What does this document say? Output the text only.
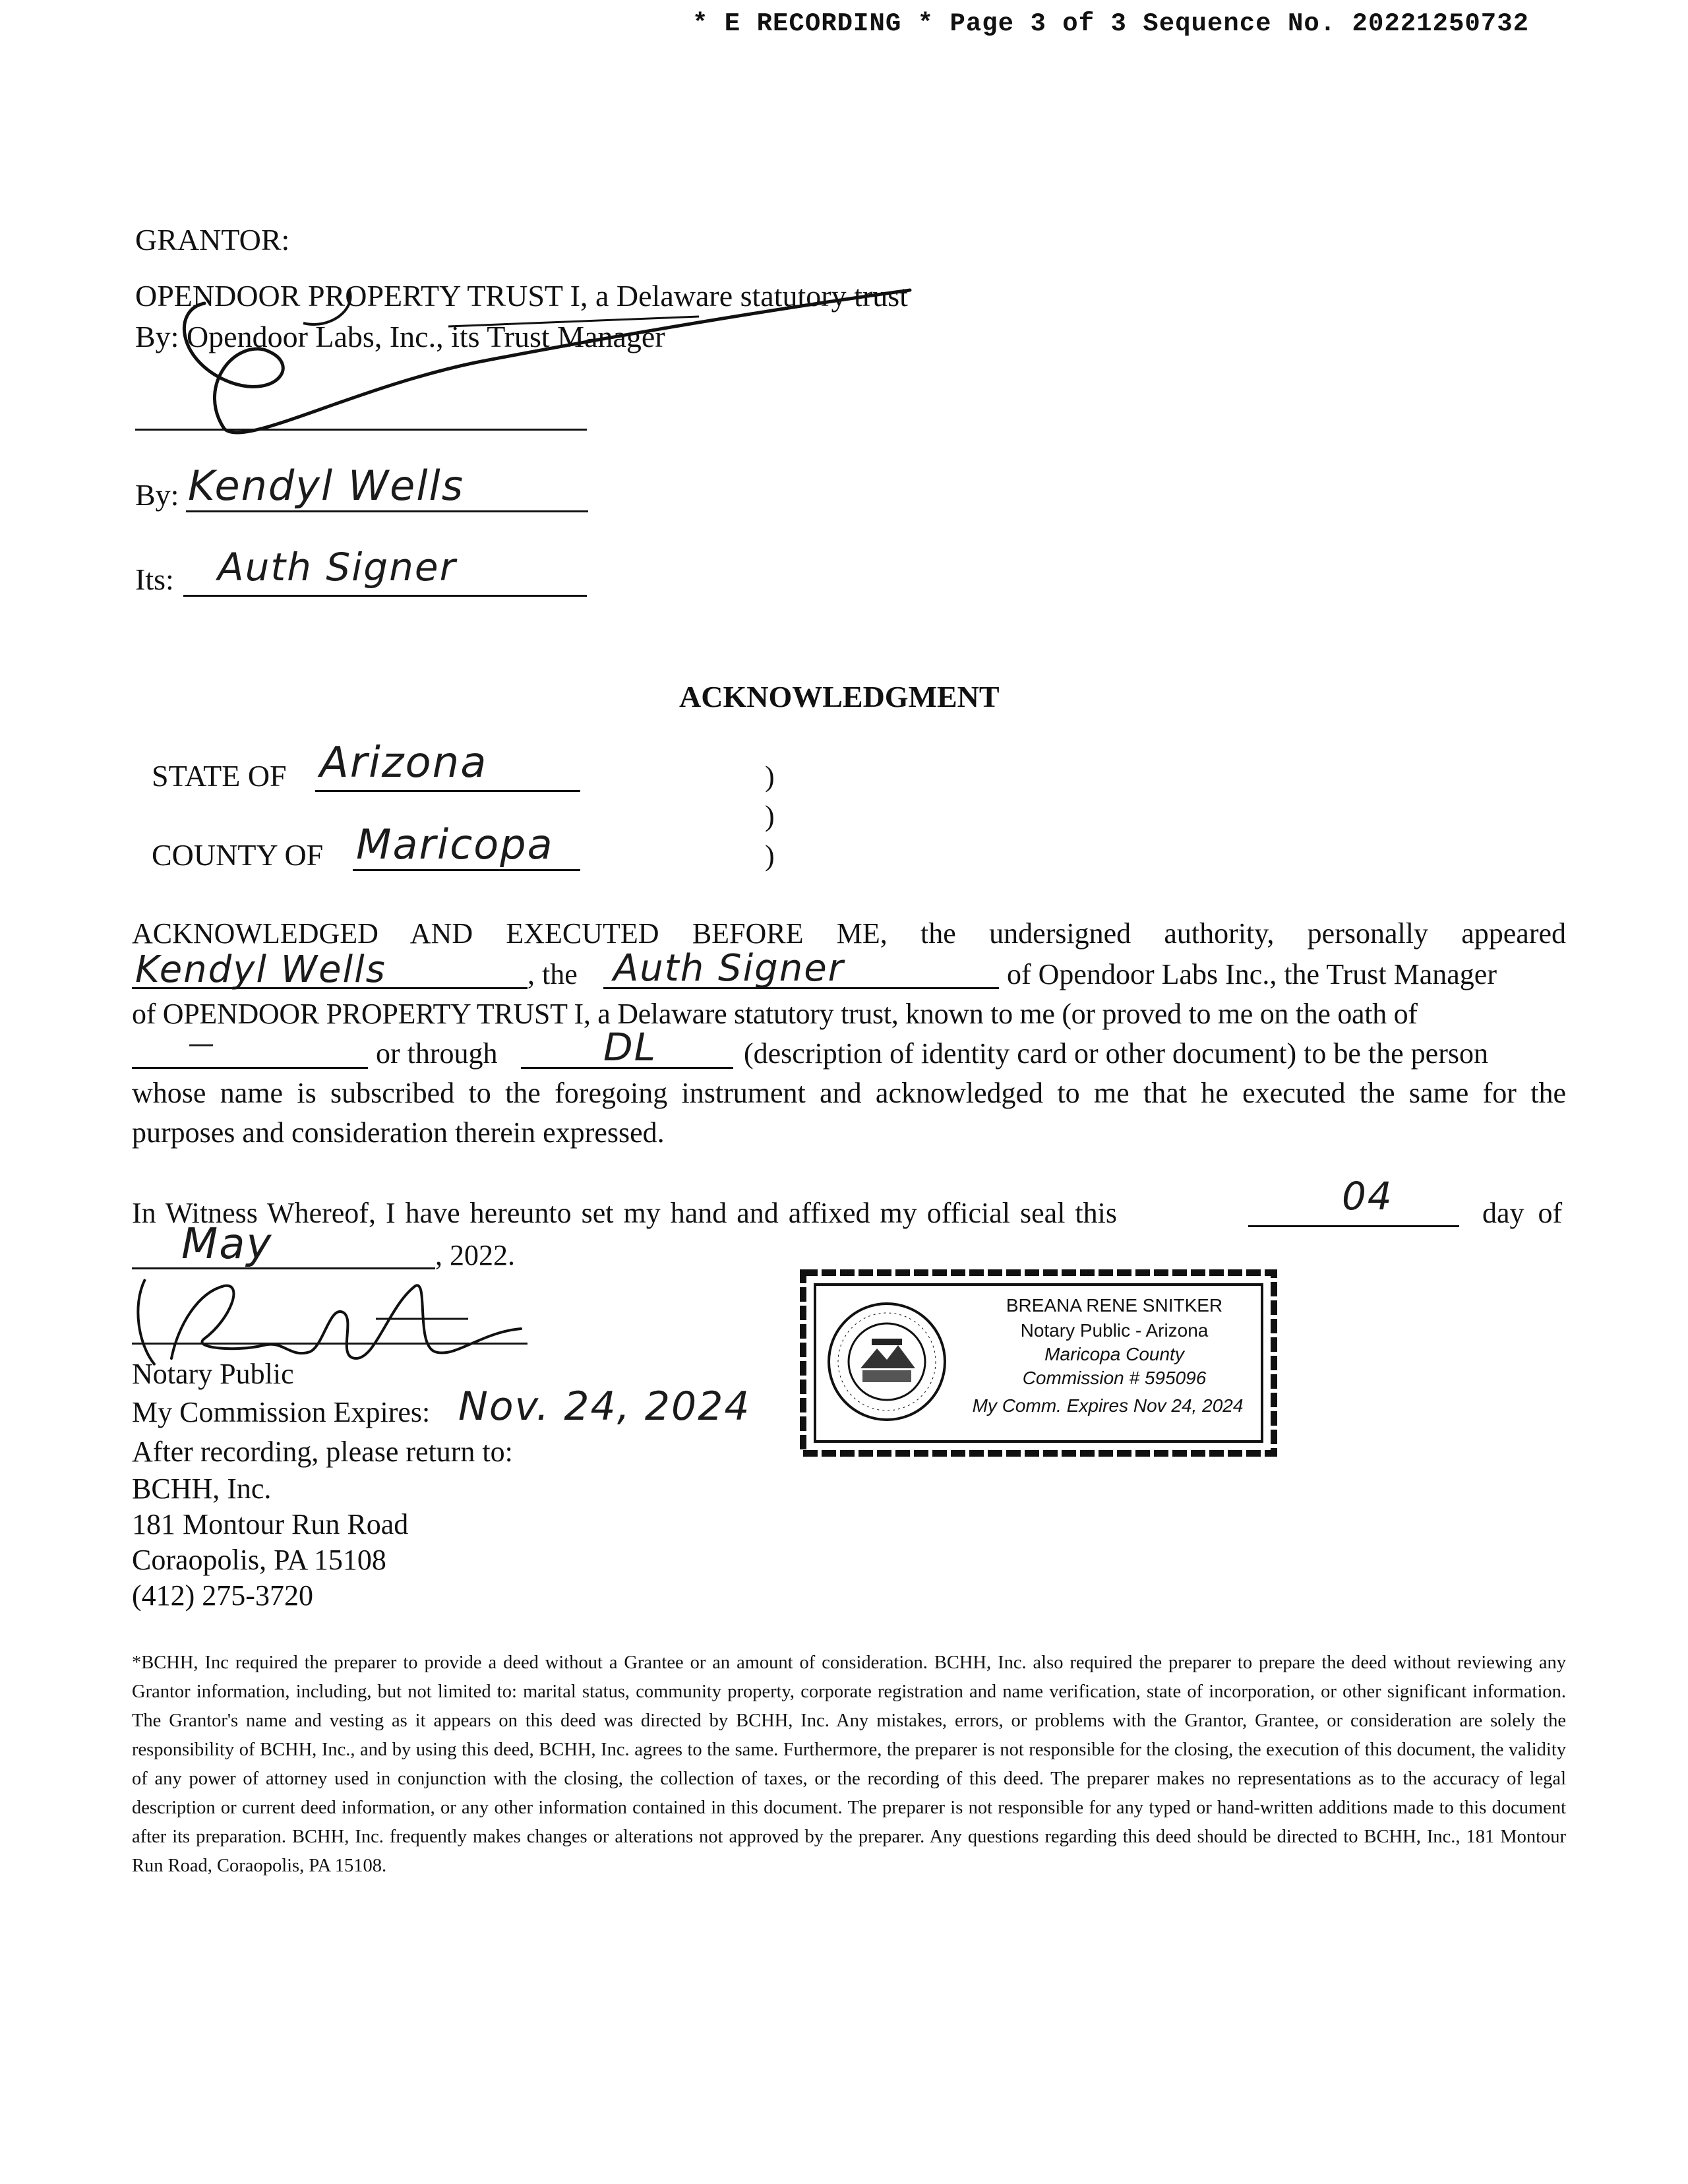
* E RECORDING * Page 3 of 3 Sequence No. 20221250732
GRANTOR:
OPENDOOR PROPERTY TRUST I, a Delaware statutory trust
By: Opendoor Labs, Inc., its Trust Manager
By: Kendyl Wells
Its: Auth Signer
ACKNOWLEDGMENT
STATE OF Arizona
COUNTY OF Maricopa
)
)
)
ACKNOWLEDGED AND EXECUTED BEFORE ME, the undersigned authority, personally appeared
Kendyl Wells	, the Auth Signer	of Opendoor Labs Inc., the Trust Manager
of OPENDOOR PROPERTY TRUST I, a Delaware statutory trust, known to me (or proved to me on the oath of
—	or through	DL	(description of identity card or other document) to be the person
whose name is subscribed to the foregoing instrument and acknowledged to me that he executed the same for the
purposes and consideration therein expressed.
In Witness Whereof, I have hereunto set my hand and affixed my official seal this	04	day of
May	, 2022.
Notary Public
My Commission Expires: Nov. 24, 2024
After recording, please return to:
BCHH, Inc.
181 Montour Run Road
Coraopolis, PA 15108
(412) 275-3720
BREANA RENE SNITKER
Notary Public - Arizona
Maricopa County
Commission # 595096
My Comm. Expires Nov 24, 2024
*BCHH, Inc required the preparer to provide a deed without a Grantee or an amount of consideration. BCHH, Inc. also required the preparer to prepare the deed without reviewing any Grantor information, including, but not limited to: marital status, community property, corporate registration and name verification, state of incorporation, or other significant information. The Grantor's name and vesting as it appears on this deed was directed by BCHH, Inc. Any mistakes, errors, or problems with the Grantor, Grantee, or consideration are solely the responsibility of BCHH, Inc., and by using this deed, BCHH, Inc. agrees to the same. Furthermore, the preparer is not responsible for the closing, the execution of this document, the validity of any power of attorney used in conjunction with the closing, the collection of taxes, or the recording of this deed. The preparer makes no representations as to the accuracy of legal description or current deed information, or any other information contained in this document. The preparer is not responsible for any typed or hand-written additions made to this document after its preparation. BCHH, Inc. frequently makes changes or alterations not approved by the preparer. Any questions regarding this deed should be directed to BCHH, Inc., 181 Montour Run Road, Coraopolis, PA 15108.
